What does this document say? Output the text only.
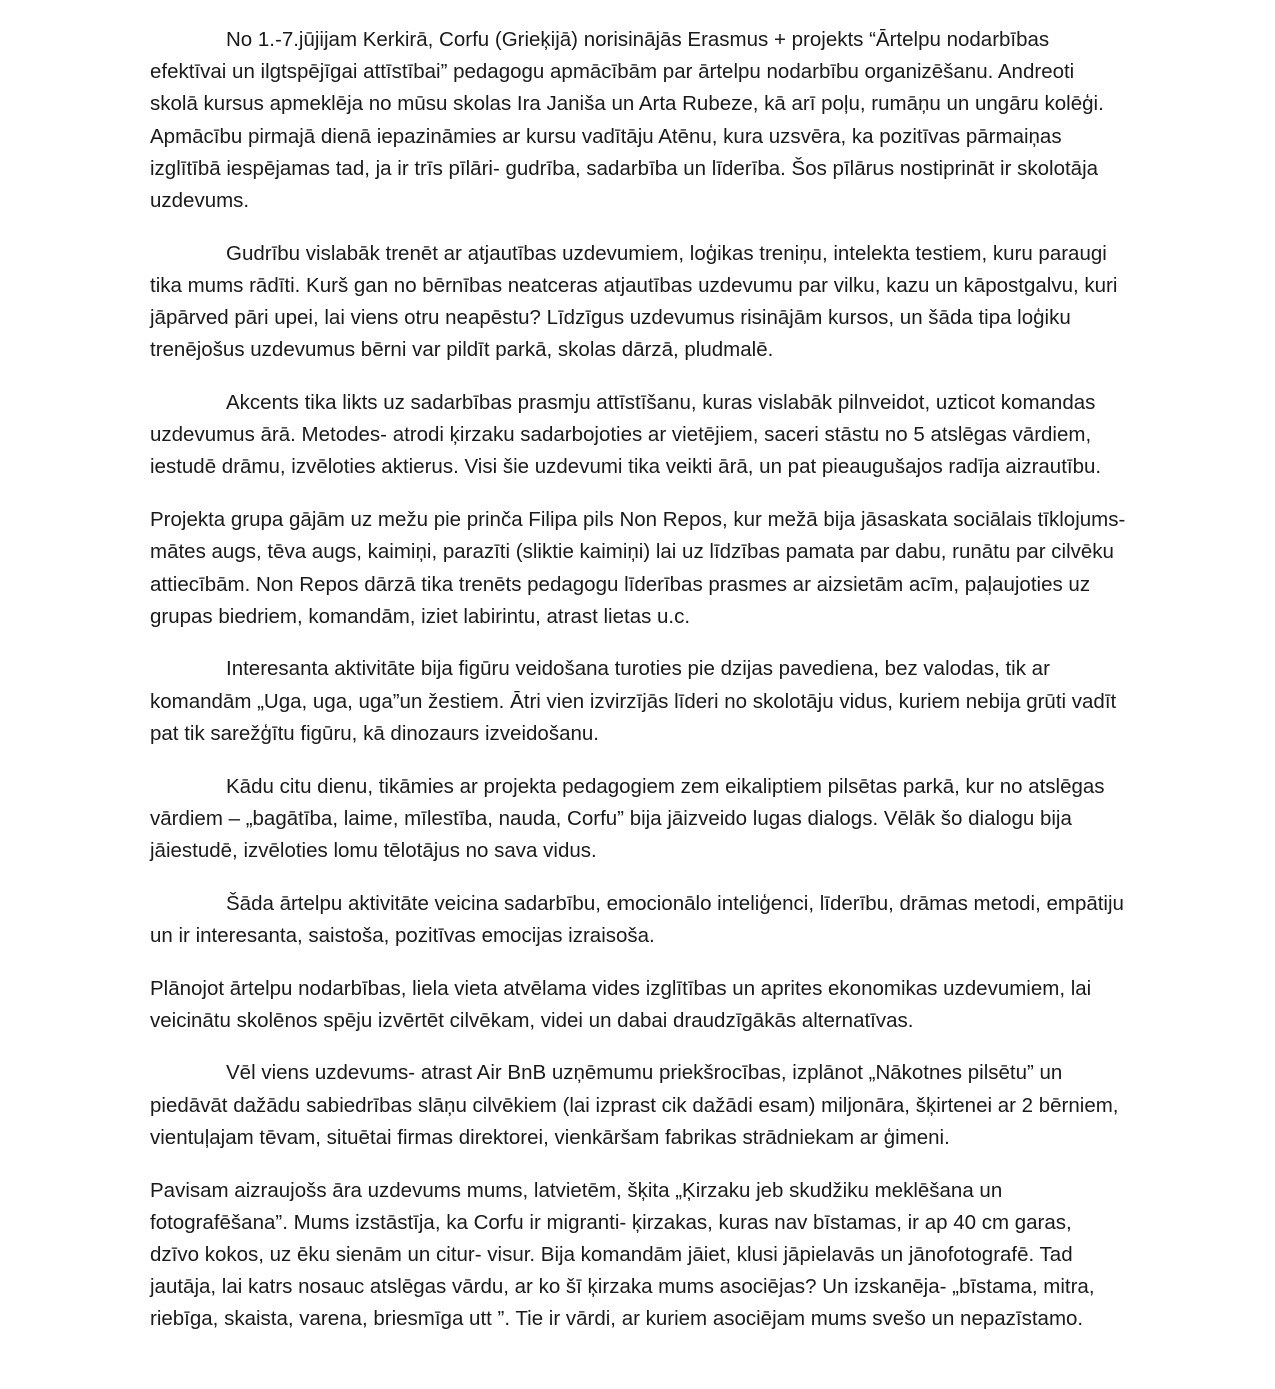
No 1.-7.jūjijam Kerkirā, Corfu (Grieķijā) norisinājās Erasmus + projekts “Ārtelpu nodarbības efektīvai un ilgtspējīgai attīstībai” pedagogu apmācībām par ārtelpu nodarbību organizēšanu. Andreoti skolā kursus apmeklēja no mūsu skolas Ira Janiša un Arta Rubeze, kā arī poļu, rumāņu un ungāru kolēģi. Apmācību pirmajā dienā iepazināmies ar kursu vadītāju Atēnu, kura uzsvēra, ka pozitīvas pārmaiņas izglītībā iespējamas tad, ja ir trīs pīlāri- gudrība, sadarbība un līderība. Šos pīlārus nostiprināt ir skolotāja uzdevums.

Gudrību vislabāk trenēt ar atjautības uzdevumiem, loģikas treniņu, intelekta testiem, kuru paraugi tika mums rādīti. Kurš gan no bērnības neatceras atjautības uzdevumu par vilku, kazu un kāpostgalvu, kuri jāpārved pāri upei, lai viens otru neapēstu? Līdzīgus uzdevumus risinājām kursos, un šāda tipa loģiku trenējošus uzdevumus bērni var pildīt parkā, skolas dārzā, pludmalē.

Akcents tika likts uz sadarbības prasmju attīstīšanu, kuras vislabāk pilnveidot, uzticot komandas uzdevumus ārā. Metodes- atrodi ķirzaku sadarbojoties ar vietējiem, saceri stāstu no 5 atslēgas vārdiem, iestudē drāmu, izvēloties aktierus. Visi šie uzdevumi tika veikti ārā, un pat pieaugušajos radīja aizrautību.

Projekta grupa gājām uz mežu pie prinča Filipa pils Non Repos, kur mežā bija jāsaskata sociālais tīklojums- mātes augs, tēva augs, kaimiņi, parazīti (sliktie kaimiņi) lai uz līdzības pamata par dabu, runātu par cilvēku attiecībām. Non Repos dārzā tika trenēts pedagogu līderības prasmes ar aizsietām acīm, paļaujoties uz grupas biedriem, komandām, iziet labirintu, atrast lietas u.c.

Interesanta aktivitāte bija figūru veidošana turoties pie dzijas pavediena, bez valodas, tik ar komandām „Uga, uga, uga”un žestiem. Ātri vien izvirzījās līderi no skolotāju vidus, kuriem nebija grūti vadīt pat tik sarežģītu figūru, kā dinozaurs izveidošanu.

Kādu citu dienu, tikāmies ar projekta pedagogiem zem eikaliptiem pilsētas parkā, kur no atslēgas vārdiem – „bagātība, laime, mīlestība, nauda, Corfu” bija jāizveido lugas dialogs. Vēlāk šo dialogu bija jāiestudē, izvēloties lomu tēlotājus no sava vidus.

Šāda ārtelpu aktivitāte veicina sadarbību, emocionālo inteliģenci, līderību, drāmas metodi, empātiju un ir interesanta, saistoša, pozitīvas emocijas izraisoša.

Plānojot ārtelpu nodarbības, liela vieta atvēlama vides izglītības un aprites ekonomikas uzdevumiem, lai veicinātu skolēnos spēju izvērtēt cilvēkam, videi un dabai draudzīgākās alternatīvas.

Vēl viens uzdevums- atrast Air BnB uzņēmumu priekšrocības, izplānot „Nākotnes pilsētu” un piedāvāt dažādu sabiedrības slāņu cilvēkiem (lai izprast cik dažādi esam) miljonāra, šķirtenei ar 2 bērniem, vientuļajam tēvam, situētai firmas direktorei, vienkāršam fabrikas strādniekam ar ģimeni.

Pavisam aizraujošs āra uzdevums mums, latvietēm, šķita „Ķirzaku jeb skudžiku meklēšana un fotografēšana”. Mums izstāstīja, ka Corfu ir migranti- ķirzakas, kuras nav bīstamas, ir ap 40 cm garas, dzīvo kokos, uz ēku sienām un citur- visur. Bija komandām jāiet, klusi jāpielavās un jānofotografē. Tad jautāja, lai katrs nosauc atslēgas vārdu, ar ko šī ķirzaka mums asociējas? Un izskanēja- „bīstama, mitra, riebīga, skaista, varena, briesmīga utt ”. Tie ir vārdi, ar kuriem asociējam mums svešo un nepazīstamo.
